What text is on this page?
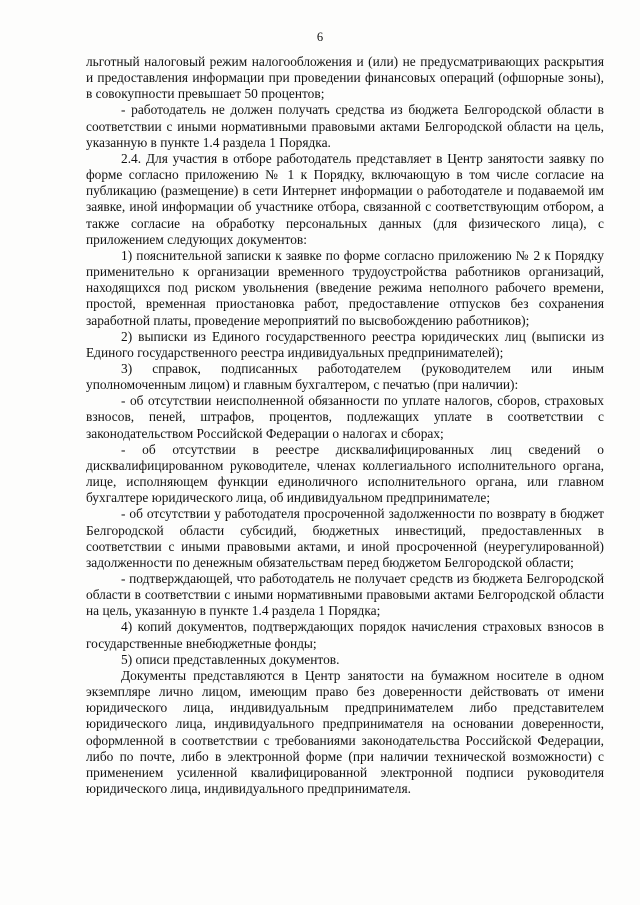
6

льготный налоговый режим налогообложения и (или) не предусматривающих раскрытия и предоставления информации при проведении финансовых операций (офшорные зоны), в совокупности превышает 50 процентов;

- работодатель не должен получать средства из бюджета Белгородской области в соответствии с иными нормативными правовыми актами Белгородской области на цель, указанную в пункте 1.4 раздела 1 Порядка.

2.4. Для участия в отборе работодатель представляет в Центр занятости заявку по форме согласно приложению № 1 к Порядку, включающую в том числе согласие на публикацию (размещение) в сети Интернет информации о работодателе и подаваемой им заявке, иной информации об участнике отбора, связанной с соответствующим отбором, а также согласие на обработку персональных данных (для физического лица), с приложением следующих документов:

1) пояснительной записки к заявке по форме согласно приложению № 2 к Порядку применительно к организации временного трудоустройства работников организаций, находящихся под риском увольнения (введение режима неполного рабочего времени, простой, временная приостановка работ, предоставление отпусков без сохранения заработной платы, проведение мероприятий по высвобождению работников);

2) выписки из Единого государственного реестра юридических лиц (выписки из Единого государственного реестра индивидуальных предпринимателей);

3) справок, подписанных работодателем (руководителем или иным уполномоченным лицом) и главным бухгалтером, с печатью (при наличии):

- об отсутствии неисполненной обязанности по уплате налогов, сборов, страховых взносов, пеней, штрафов, процентов, подлежащих уплате в соответствии с законодательством Российской Федерации о налогах и сборах;

- об отсутствии в реестре дисквалифицированных лиц сведений о дисквалифицированном руководителе, членах коллегиального исполнительного органа, лице, исполняющем функции единоличного исполнительного органа, или главном бухгалтере юридического лица, об индивидуальном предпринимателе;

- об отсутствии у работодателя просроченной задолженности по возврату в бюджет Белгородской области субсидий, бюджетных инвестиций, предоставленных в соответствии с иными правовыми актами, и иной просроченной (неурегулированной) задолженности по денежным обязательствам перед бюджетом Белгородской области;

- подтверждающей, что работодатель не получает средств из бюджета Белгородской области в соответствии с иными нормативными правовыми актами Белгородской области на цель, указанную в пункте 1.4 раздела 1 Порядка;

4) копий документов, подтверждающих порядок начисления страховых взносов в государственные внебюджетные фонды;

5) описи представленных документов.

Документы представляются в Центр занятости на бумажном носителе в одном экземпляре лично лицом, имеющим право без доверенности действовать от имени юридического лица, индивидуальным предпринимателем либо представителем юридического лица, индивидуального предпринимателя на основании доверенности, оформленной в соответствии с требованиями законодательства Российской Федерации, либо по почте, либо в электронной форме (при наличии технической возможности) с применением усиленной квалифицированной электронной подписи руководителя юридического лица, индивидуального предпринимателя.
